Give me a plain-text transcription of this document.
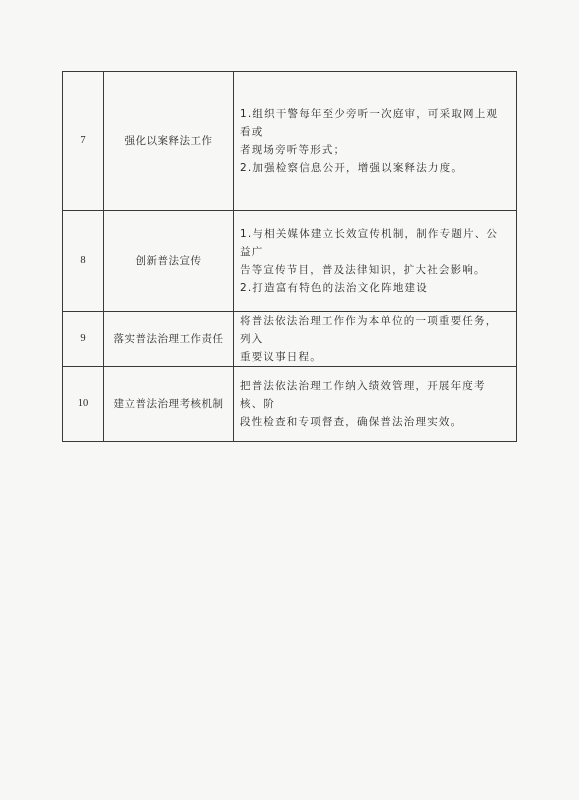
7	强化以案释法工作	1.组织干警每年至少旁听一次庭审，可采取网上观看或
者现场旁听等形式；
2.加强检察信息公开，增强以案释法力度。

8	创新普法宣传	1.与相关媒体建立长效宣传机制，制作专题片、公益广
告等宣传节目，普及法律知识，扩大社会影响。
2.打造富有特色的法治文化阵地建设

9	落实普法治理工作责任	将普法依法治理工作作为本单位的一项重要任务，列入
重要议事日程。

10	建立普法治理考核机制	把普法依法治理工作纳入绩效管理，开展年度考核、阶
段性检查和专项督查，确保普法治理实效。
